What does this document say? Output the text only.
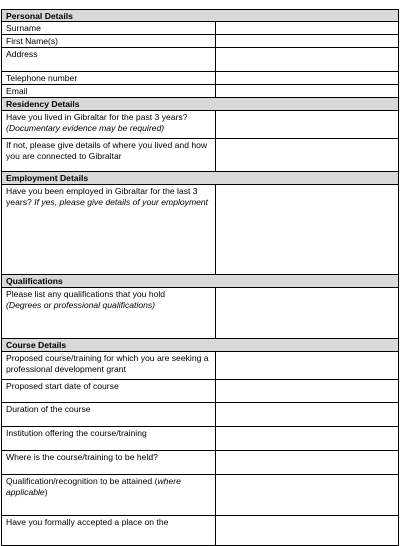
Personal Details
Surname
First Name(s)
Address
Telephone number
Email
Residency Details
Have you lived in Gibraltar for the past 3 years?
(Documentary evidence may be required)
If not, please give details of where you lived and how you are connected to Gibraltar
Employment Details
Have you been employed in Gibraltar for the last 3 years? If yes, please give details of your employment
Qualifications
Please list any qualifications that you hold
(Degrees or professional qualifications)
Course Details
Proposed course/training for which you are seeking a professional development grant
Proposed start date of course
Duration of the course
Institution offering the course/training
Where is the course/training to be held?
Qualification/recognition to be attained (where applicable)
Have you formally accepted a place on the
